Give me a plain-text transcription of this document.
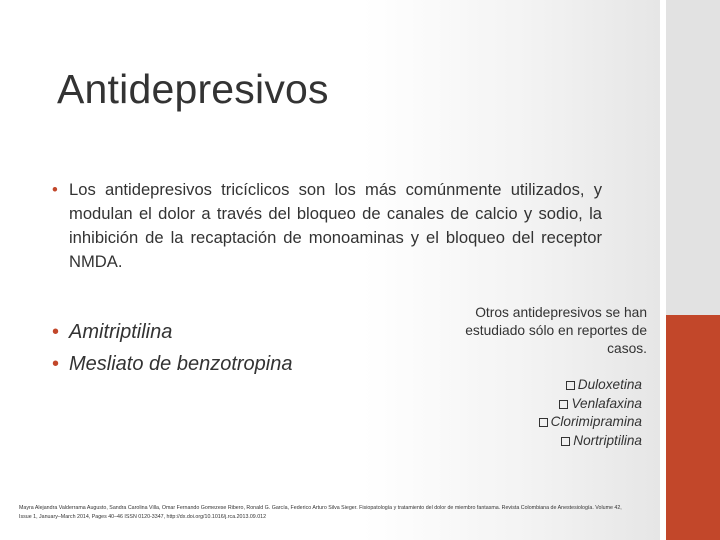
Antidepresivos
• Los antidepresivos tricíclicos son los más comúnmente utilizados, y modulan el dolor a través del bloqueo de canales de calcio y sodio, la inhibición de la recaptación de monoaminas y el bloqueo del receptor NMDA.
• Amitriptilina
• Mesliato de benzotropina

Otros antidepresivos se han estudiado sólo en reportes de casos.

Duloxetina
Venlafaxina
Clorimipramina
Nortriptilina

Mayra Alejandra Valderrama Augusto, Sandra Carolina Villa, Omar Fernando Gomezese Ribero, Ronald G. García, Federico Arturo Silva Sieger. Fisiopatología y tratamiento del dolor de miembro fantasma. Revista Colombiana de Anestesiología. Volume 42, Issue 1, January–March 2014, Pages 40–46 ISSN 0120-3347, http://dx.doi.org/10.1016/j.rca.2013.09.012
